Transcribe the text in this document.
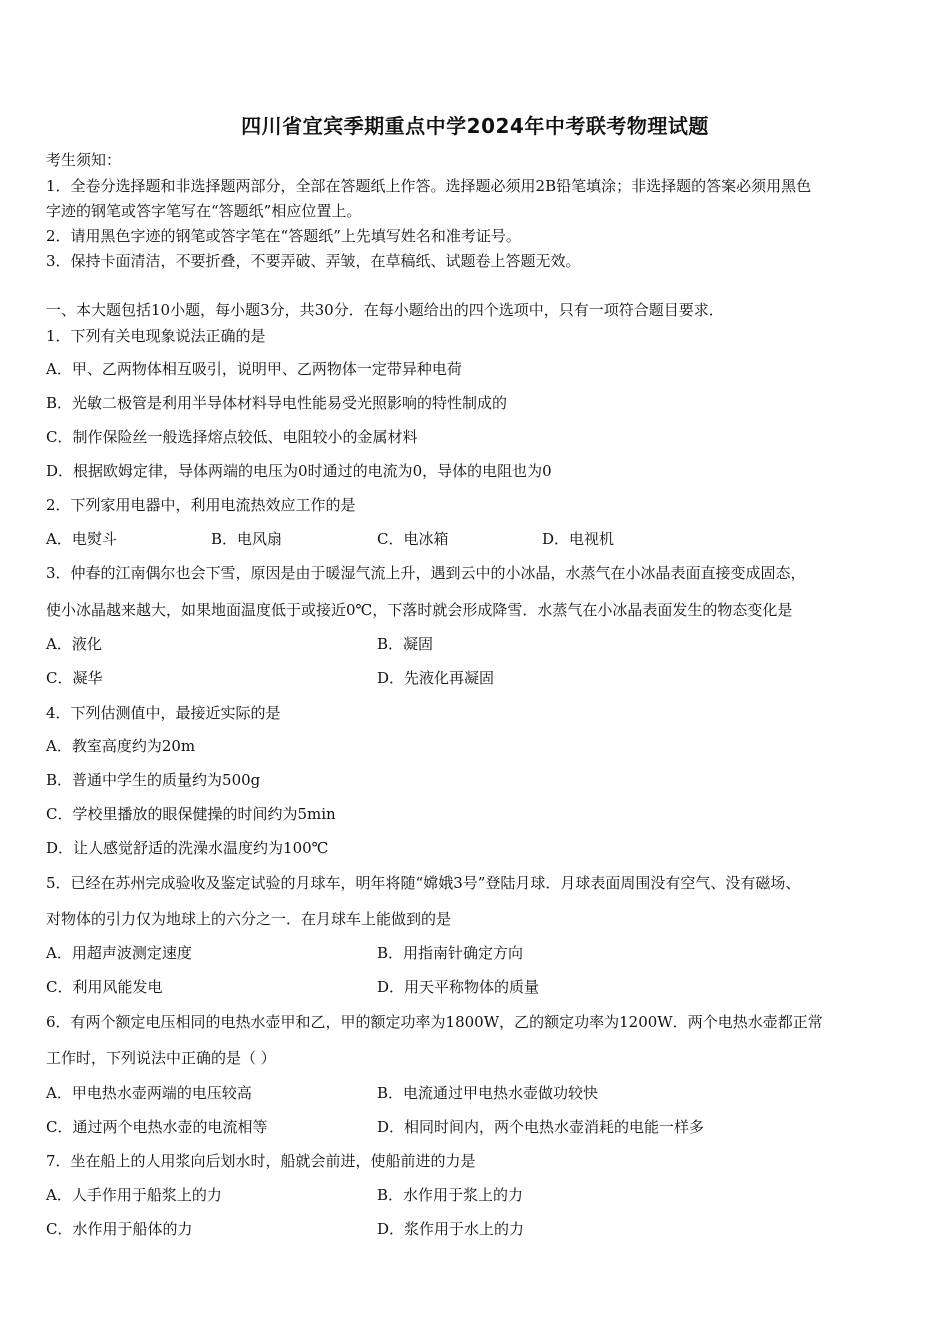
四川省宜宾季期重点中学2024年中考联考物理试题
考生须知：
1．全卷分选择题和非选择题两部分，全部在答题纸上作答。选择题必须用2B铅笔填涂；非选择题的答案必须用黑色
字迹的钢笔或答字笔写在“答题纸”相应位置上。
2．请用黑色字迹的钢笔或答字笔在“答题纸”上先填写姓名和准考证号。
3．保持卡面清洁，不要折叠，不要弄破、弄皱，在草稿纸、试题卷上答题无效。
一、本大题包括10小题，每小题3分，共30分．在每小题给出的四个选项中，只有一项符合题目要求．
1．下列有关电现象说法正确的是
A．甲、乙两物体相互吸引，说明甲、乙两物体一定带异种电荷
B．光敏二极管是利用半导体材料导电性能易受光照影响的特性制成的
C．制作保险丝一般选择熔点较低、电阻较小的金属材料
D．根据欧姆定律，导体两端的电压为0时通过的电流为0，导体的电阻也为0
2．下列家用电器中，利用电流热效应工作的是
A．电熨斗	B．电风扇	C．电冰箱	D．电视机
3．仲春的江南偶尔也会下雪，原因是由于暖湿气流上升，遇到云中的小冰晶，水蒸气在小冰晶表面直接变成固态，
使小冰晶越来越大，如果地面温度低于或接近0℃，下落时就会形成降雪．水蒸气在小冰晶表面发生的物态变化是
A．液化	B．凝固
C．凝华	D．先液化再凝固
4．下列估测值中，最接近实际的是
A．教室高度约为20m
B．普通中学生的质量约为500g
C．学校里播放的眼保健操的时间约为5min
D．让人感觉舒适的洗澡水温度约为100℃
5．已经在苏州完成验收及鉴定试验的月球车，明年将随“嫦娥3号”登陆月球．月球表面周围没有空气、没有磁场、
对物体的引力仅为地球上的六分之一．在月球车上能做到的是
A．用超声波测定速度	B．用指南针确定方向
C．利用风能发电	D．用天平称物体的质量
6．有两个额定电压相同的电热水壶甲和乙，甲的额定功率为1800W，乙的额定功率为1200W．两个电热水壶都正常
工作时，下列说法中正确的是（ ）
A．甲电热水壶两端的电压较高	B．电流通过甲电热水壶做功较快
C．通过两个电热水壶的电流相等	D．相同时间内，两个电热水壶消耗的电能一样多
7．坐在船上的人用浆向后划水时，船就会前进，使船前进的力是
A．人手作用于船浆上的力	B．水作用于浆上的力
C．水作用于船体的力	D．浆作用于水上的力
